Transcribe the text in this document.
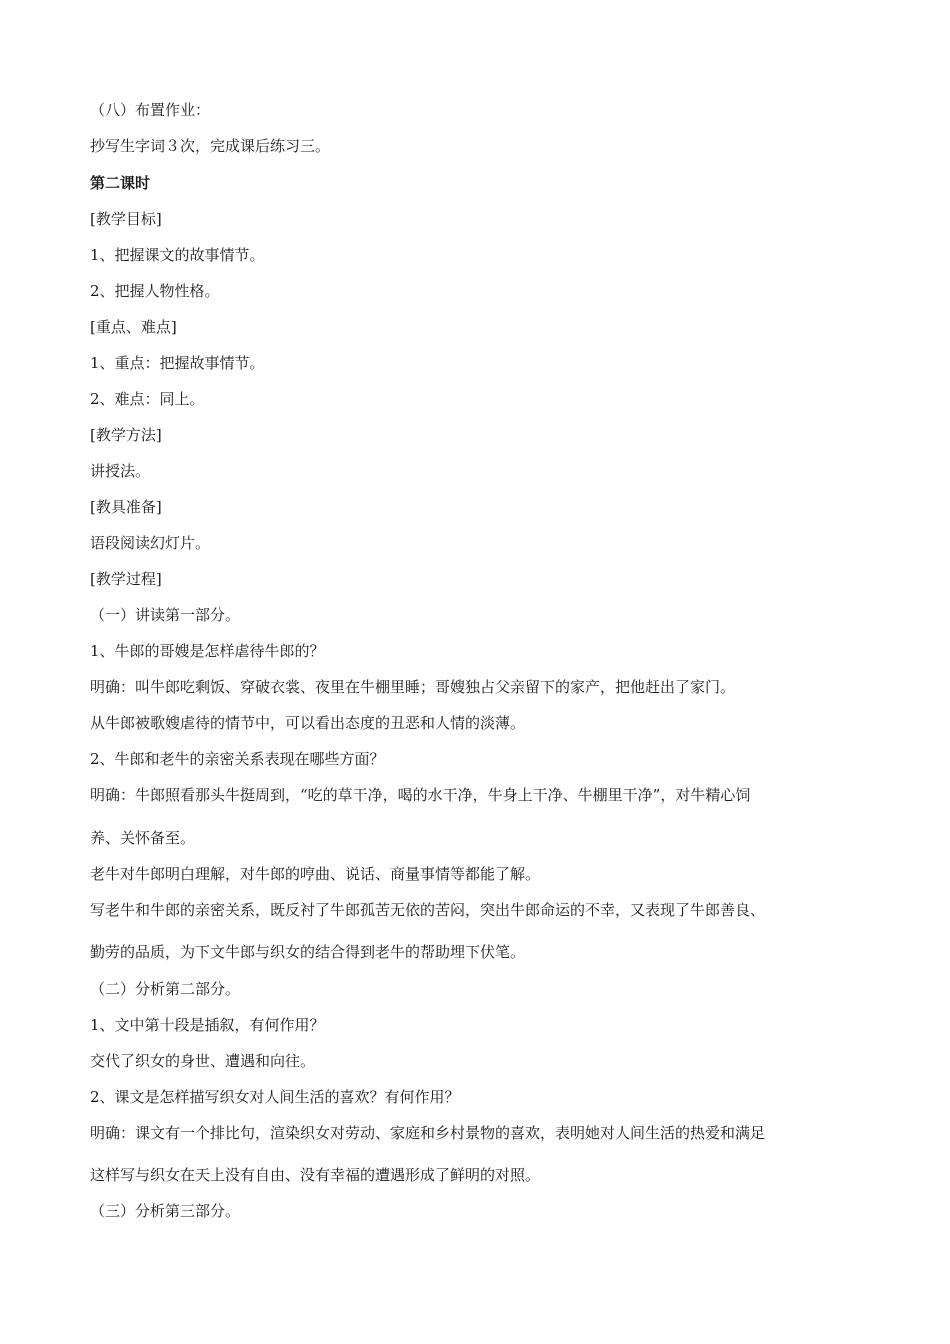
（八）布置作业：

抄写生字词３次，完成课后练习三。

第二课时

[教学目标]

1、把握课文的故事情节。

2、把握人物性格。

[重点、难点]

1、重点：把握故事情节。

2、难点：同上。

[教学方法]

讲授法。

[教具准备]

语段阅读幻灯片。

[教学过程]

（一）讲读第一部分。

1、牛郎的哥嫂是怎样虐待牛郎的？

明确：叫牛郎吃剩饭、穿破衣裳、夜里在牛棚里睡；哥嫂独占父亲留下的家产，把他赶出了家门。

从牛郎被歌嫂虐待的情节中，可以看出态度的丑恶和人情的淡薄。

2、牛郎和老牛的亲密关系表现在哪些方面？

明确：牛郎照看那头牛挺周到，“吃的草干净，喝的水干净，牛身上干净、牛棚里干净”，对牛精心饲

养、关怀备至。

老牛对牛郎明白理解，对牛郎的哼曲、说话、商量事情等都能了解。

写老牛和牛郎的亲密关系，既反衬了牛郎孤苦无依的苦闷，突出牛郎命运的不幸，又表现了牛郎善良、

勤劳的品质，为下文牛郎与织女的结合得到老牛的帮助埋下伏笔。

（二）分析第二部分。

1、文中第十段是插叙，有何作用？

交代了织女的身世、遭遇和向往。

2、课文是怎样描写织女对人间生活的喜欢？有何作用？

明确：课文有一个排比句，渲染织女对劳动、家庭和乡村景物的喜欢，表明她对人间生活的热爱和满足

这样写与织女在天上没有自由、没有幸福的遭遇形成了鲜明的对照。

（三）分析第三部分。
